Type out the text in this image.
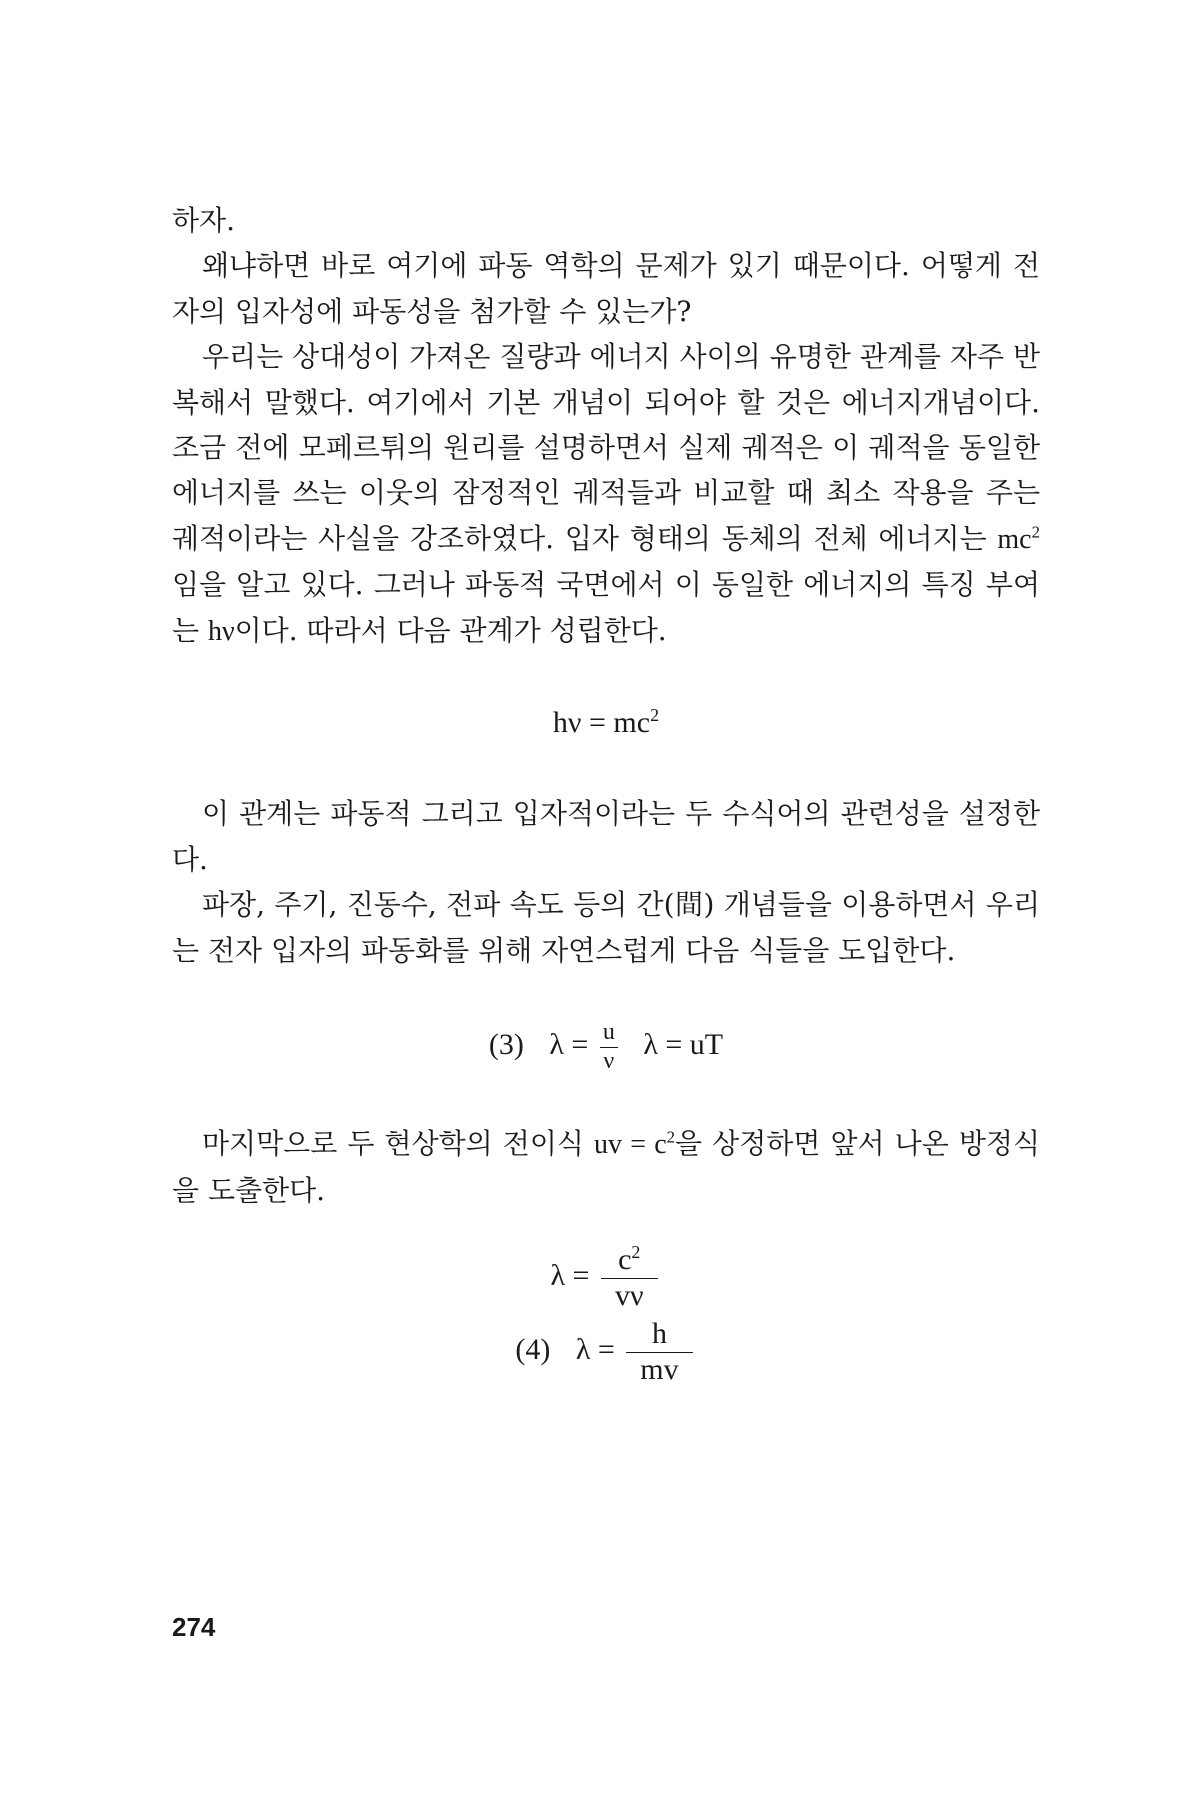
하자.

왜냐하면 바로 여기에 파동 역학의 문제가 있기 때문이다. 어떻게 전자의 입자성에 파동성을 첨가할 수 있는가?

우리는 상대성이 가져온 질량과 에너지 사이의 유명한 관계를 자주 반복해서 말했다. 여기에서 기본 개념이 되어야 할 것은 에너지개념이다. 조금 전에 모페르튀의 원리를 설명하면서 실제 궤적은 이 궤적을 동일한 에너지를 쓰는 이웃의 잠정적인 궤적들과 비교할 때 최소 작용을 주는 궤적이라는 사실을 강조하였다. 입자 형태의 동체의 전체 에너지는 $mc^2$임을 알고 있다. 그러나 파동적 국면에서 이 동일한 에너지의 특징 부여는 hν이다. 따라서 다음 관계가 성립한다.

$h\nu = mc^2$

이 관계는 파동적 그리고 입자적이라는 두 수식어의 관련성을 설정한다.

파장, 주기, 진동수, 전파 속도 등의 간(間) 개념들을 이용하면서 우리는 전자 입자의 파동화를 위해 자연스럽게 다음 식들을 도입한다.

(3) $\lambda = \frac{u}{\nu}$ λ = uT

마지막으로 두 현상학의 전이식 uv = $c^2$을 상정하면 앞서 나온 방정식을 도출한다.

$\lambda = \frac{c^2}{v\nu}$
(4) $\lambda = \frac{h}{mv}$
274
